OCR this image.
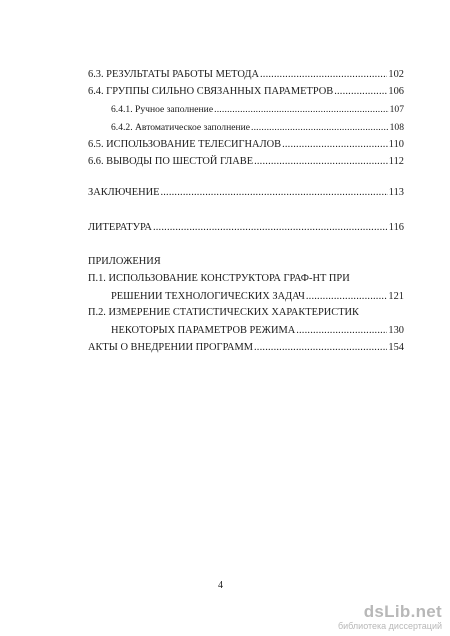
6.3. РЕЗУЛЬТАТЫ РАБОТЫ МЕТОДА .....	102
6.4. ГРУППЫ СИЛЬНО СВЯЗАННЫХ ПАРАМЕТРОВ .....	106
6.4.1. Ручное заполнение .....	107
6.4.2. Автоматическое заполнение .....	108
6.5. ИСПОЛЬЗОВАНИЕ ТЕЛЕСИГНАЛОВ .....	110
6.6. ВЫВОДЫ ПО ШЕСТОЙ ГЛАВЕ .....	112
ЗАКЛЮЧЕНИЕ .....	113
ЛИТЕРАТУРА .....	116
ПРИЛОЖЕНИЯ
П.1. ИСПОЛЬЗОВАНИЕ КОНСТРУКТОРА ГРАФ-НТ ПРИ
РЕШЕНИИ ТЕХНОЛОГИЧЕСКИХ ЗАДАЧ .....	121
П.2. ИЗМЕРЕНИЕ СТАТИСТИЧЕСКИХ ХАРАКТЕРИСТИК
НЕКОТОРЫХ ПАРАМЕТРОВ РЕЖИМА .....	130
АКТЫ О ВНЕДРЕНИИ ПРОГРАММ .....	154
4
dsLib.net
библиотека диссертаций
